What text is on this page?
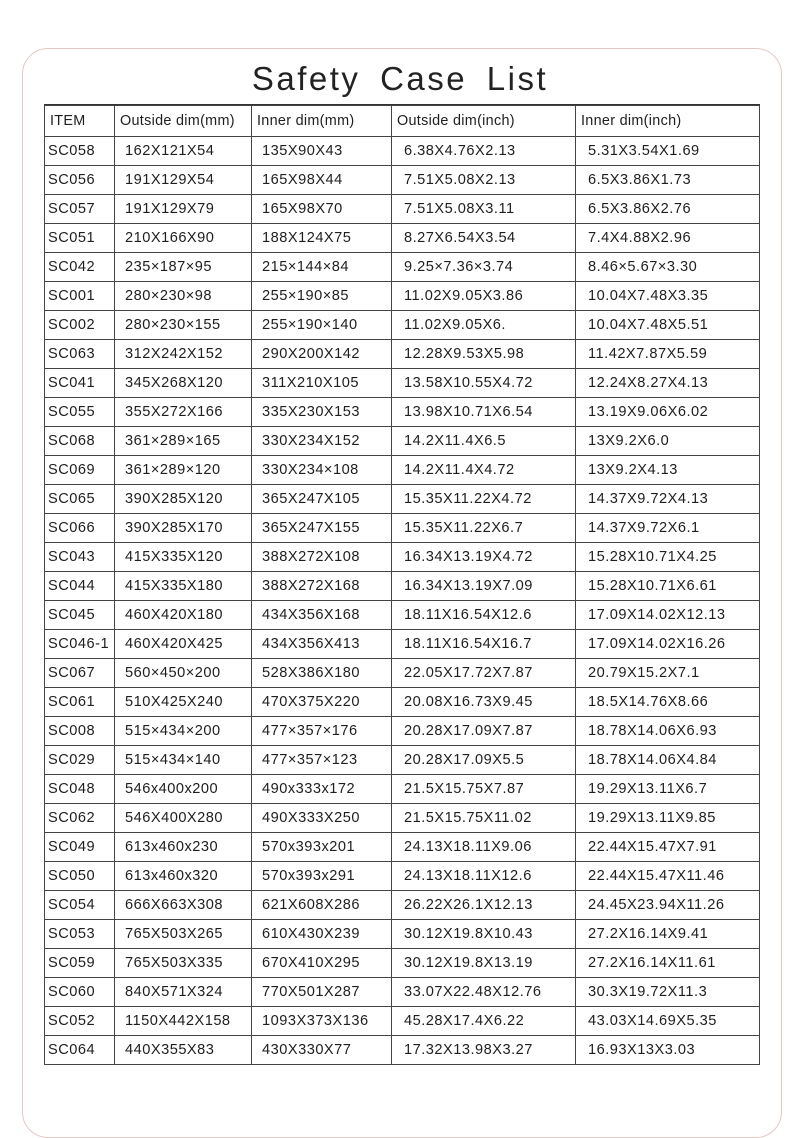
Safety Case List
ITEM	Outside dim(mm)	Inner dim(mm)	Outside dim(inch)	Inner dim(inch)
SC058	162X121X54	135X90X43	6.38X4.76X2.13	5.31X3.54X1.69
SC056	191X129X54	165X98X44	7.51X5.08X2.13	6.5X3.86X1.73
SC057	191X129X79	165X98X70	7.51X5.08X3.11	6.5X3.86X2.76
SC051	210X166X90	188X124X75	8.27X6.54X3.54	7.4X4.88X2.96
SC042	235×187×95	215×144×84	9.25×7.36×3.74	8.46×5.67×3.30
SC001	280×230×98	255×190×85	11.02X9.05X3.86	10.04X7.48X3.35
SC002	280×230×155	255×190×140	11.02X9.05X6.	10.04X7.48X5.51
SC063	312X242X152	290X200X142	12.28X9.53X5.98	11.42X7.87X5.59
SC041	345X268X120	311X210X105	13.58X10.55X4.72	12.24X8.27X4.13
SC055	355X272X166	335X230X153	13.98X10.71X6.54	13.19X9.06X6.02
SC068	361×289×165	330X234X152	14.2X11.4X6.5	13X9.2X6.0
SC069	361×289×120	330X234×108	14.2X11.4X4.72	13X9.2X4.13
SC065	390X285X120	365X247X105	15.35X11.22X4.72	14.37X9.72X4.13
SC066	390X285X170	365X247X155	15.35X11.22X6.7	14.37X9.72X6.1
SC043	415X335X120	388X272X108	16.34X13.19X4.72	15.28X10.71X4.25
SC044	415X335X180	388X272X168	16.34X13.19X7.09	15.28X10.71X6.61
SC045	460X420X180	434X356X168	18.11X16.54X12.6	17.09X14.02X12.13
SC046-1	460X420X425	434X356X413	18.11X16.54X16.7	17.09X14.02X16.26
SC067	560×450×200	528X386X180	22.05X17.72X7.87	20.79X15.2X7.1
SC061	510X425X240	470X375X220	20.08X16.73X9.45	18.5X14.76X8.66
SC008	515×434×200	477×357×176	20.28X17.09X7.87	18.78X14.06X6.93
SC029	515×434×140	477×357×123	20.28X17.09X5.5	18.78X14.06X4.84
SC048	546x400x200	490x333x172	21.5X15.75X7.87	19.29X13.11X6.7
SC062	546X400X280	490X333X250	21.5X15.75X11.02	19.29X13.11X9.85
SC049	613x460x230	570x393x201	24.13X18.11X9.06	22.44X15.47X7.91
SC050	613x460x320	570x393x291	24.13X18.11X12.6	22.44X15.47X11.46
SC054	666X663X308	621X608X286	26.22X26.1X12.13	24.45X23.94X11.26
SC053	765X503X265	610X430X239	30.12X19.8X10.43	27.2X16.14X9.41
SC059	765X503X335	670X410X295	30.12X19.8X13.19	27.2X16.14X11.61
SC060	840X571X324	770X501X287	33.07X22.48X12.76	30.3X19.72X11.3
SC052	1150X442X158	1093X373X136	45.28X17.4X6.22	43.03X14.69X5.35
SC064	440X355X83	430X330X77	17.32X13.98X3.27	16.93X13X3.03
